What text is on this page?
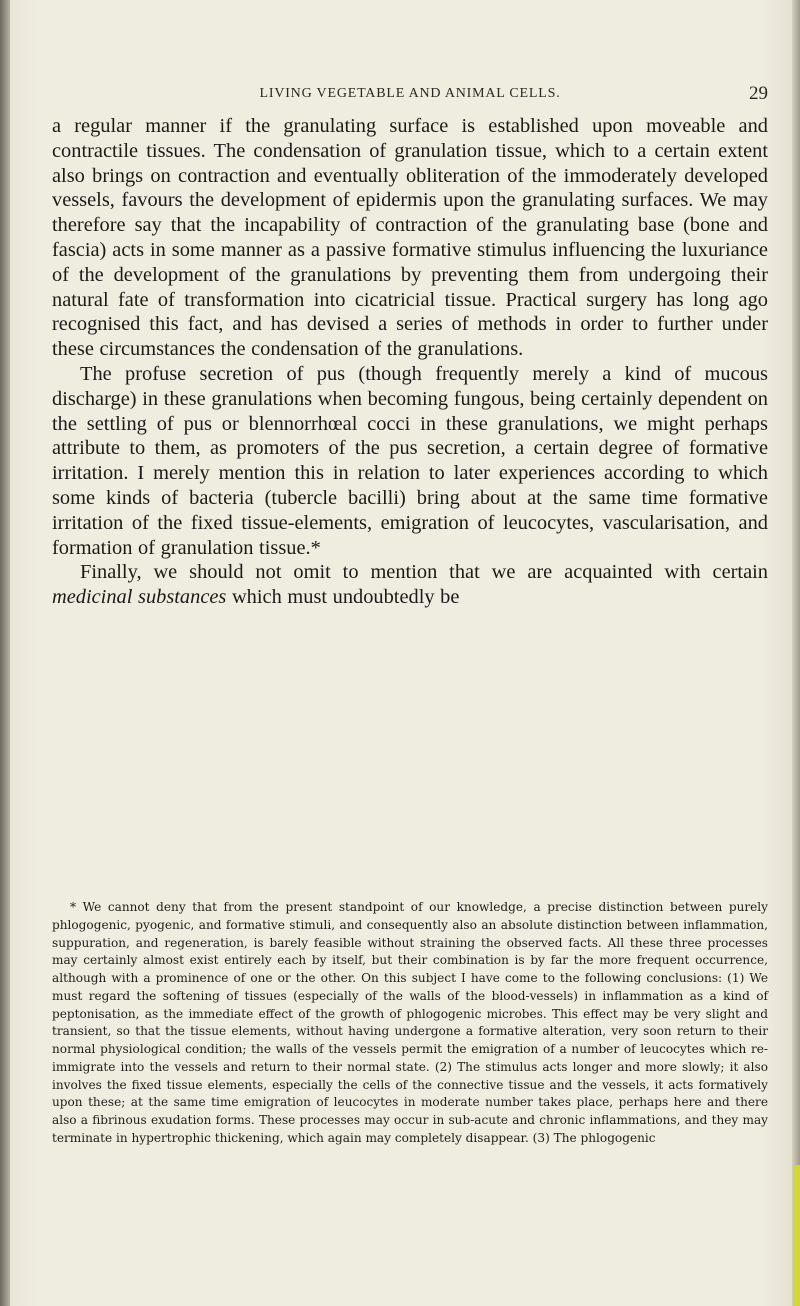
LIVING VEGETABLE AND ANIMAL CELLS.	29

a regular manner if the granulating surface is established upon moveable and contractile tissues. The condensation of granulation tissue, which to a certain extent also brings on contraction and eventually obliteration of the immoderately developed vessels, favours the development of epidermis upon the granulating surfaces. We may therefore say that the incapability of contraction of the granulating base (bone and fascia) acts in some manner as a passive formative stimulus influencing the luxuriance of the development of the granulations by preventing them from undergoing their natural fate of transformation into cicatricial tissue. Practical surgery has long ago recognised this fact, and has devised a series of methods in order to further under these circumstances the condensation of the granulations.

The profuse secretion of pus (though frequently merely a kind of mucous discharge) in these granulations when becoming fungous, being certainly dependent on the settling of pus or blennorrhœal cocci in these granulations, we might perhaps attribute to them, as promoters of the pus secretion, a certain degree of formative irritation. I merely mention this in relation to later experiences according to which some kinds of bacteria (tubercle bacilli) bring about at the same time formative irritation of the fixed tissue-elements, emigration of leucocytes, vascularisation, and formation of granulation tissue.*

Finally, we should not omit to mention that we are acquainted with certain medicinal substances which must undoubtedly be

* We cannot deny that from the present standpoint of our knowledge, a precise distinction between purely phlogogenic, pyogenic, and formative stimuli, and consequently also an absolute distinction between inflammation, suppuration, and regeneration, is barely feasible without straining the observed facts. All these three processes may certainly almost exist entirely each by itself, but their combination is by far the more frequent occurrence, although with a prominence of one or the other. On this subject I have come to the following conclusions: (1) We must regard the softening of tissues (especially of the walls of the blood-vessels) in inflammation as a kind of peptonisation, as the immediate effect of the growth of phlogogenic microbes. This effect may be very slight and transient, so that the tissue elements, without having undergone a formative alteration, very soon return to their normal physiological condition; the walls of the vessels permit the emigration of a number of leucocytes which re-immigrate into the vessels and return to their normal state. (2) The stimulus acts longer and more slowly; it also involves the fixed tissue elements, especially the cells of the connective tissue and the vessels, it acts formatively upon these; at the same time emigration of leucocytes in moderate number takes place, perhaps here and there also a fibrinous exudation forms. These processes may occur in sub-acute and chronic inflammations, and they may terminate in hypertrophic thickening, which again may completely disappear. (3) The phlogogenic
